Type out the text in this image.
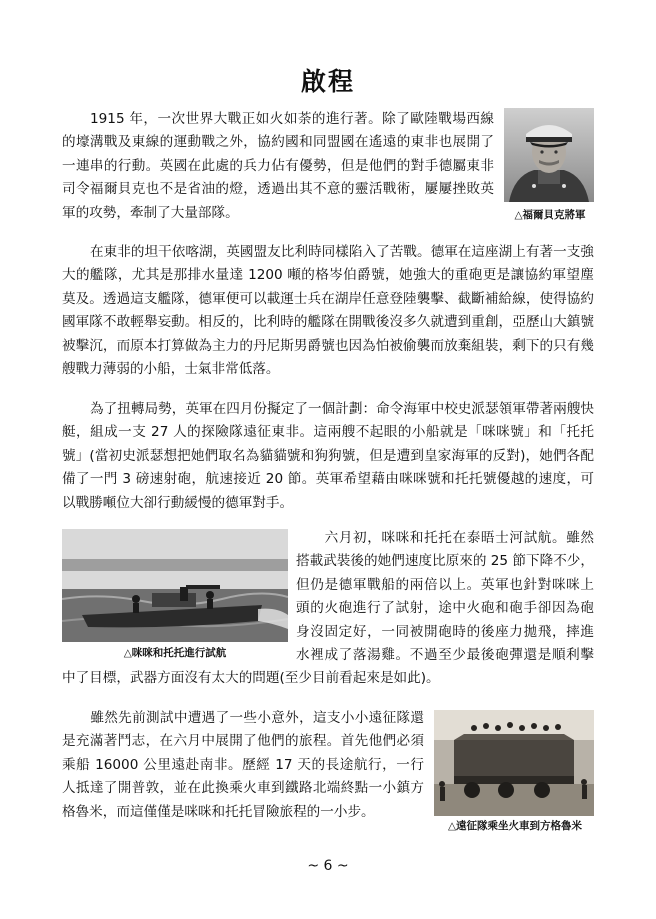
啟程
△福爾貝克將軍

1915 年，一次世界大戰正如火如荼的進行著。除了歐陸戰場西線的壕溝戰及東線的運動戰之外，協約國和同盟國在遙遠的東非也展開了一連串的行動。英國在此處的兵力佔有優勢，但是他們的對手德屬東非司令福爾貝克也不是省油的燈，透過出其不意的靈活戰術，屢屢挫敗英軍的攻勢，牽制了大量部隊。

在東非的坦干依喀湖，英國盟友比利時同樣陷入了苦戰。德軍在這座湖上有著一支強大的艦隊，尤其是那排水量達 1200 噸的格岑伯爵號，她強大的重砲更是讓協約軍望塵莫及。透過這支艦隊，德軍便可以載運士兵在湖岸任意登陸襲擊、截斷補給線，使得協約國軍隊不敢輕舉妄動。相反的，比利時的艦隊在開戰後沒多久就遭到重創，亞歷山大鎮號被擊沉，而原本打算做為主力的丹尼斯男爵號也因為怕被偷襲而放棄組裝，剩下的只有幾艘戰力薄弱的小船，士氣非常低落。

為了扭轉局勢，英軍在四月份擬定了一個計劃：命令海軍中校史派瑟領軍帶著兩艘快艇，組成一支 27 人的探險隊遠征東非。這兩艘不起眼的小船就是「咪咪號」和「托托號」(當初史派瑟想把她們取名為貓貓號和狗狗號，但是遭到皇家海軍的反對)，她們各配備了一門 3 磅速射砲，航速接近 20 節。英軍希望藉由咪咪號和托托號優越的速度，可以戰勝噸位大卻行動緩慢的德軍對手。

△咪咪和托托進行試航

六月初，咪咪和托托在泰晤士河試航。雖然搭載武裝後的她們速度比原來的 25 節下降不少，但仍是德軍戰船的兩倍以上。英軍也針對咪咪上頭的火砲進行了試射，途中火砲和砲手卻因為砲身沒固定好，一同被開砲時的後座力拋飛，摔進水裡成了落湯雞。不過至少最後砲彈還是順利擊中了目標，武器方面沒有太大的問題(至少目前看起來是如此)。

△遠征隊乘坐火車到方格魯米

雖然先前測試中遭遇了一些小意外，這支小小遠征隊還是充滿著鬥志，在六月中展開了他們的旅程。首先他們必須乘船 16000 公里遠赴南非。歷經 17 天的長途航行，一行人抵達了開普敦，並在此換乘火車到鐵路北端終點一小鎮方格魯米，而這僅僅是咪咪和托托冒險旅程的一小步。

~ 6 ~
